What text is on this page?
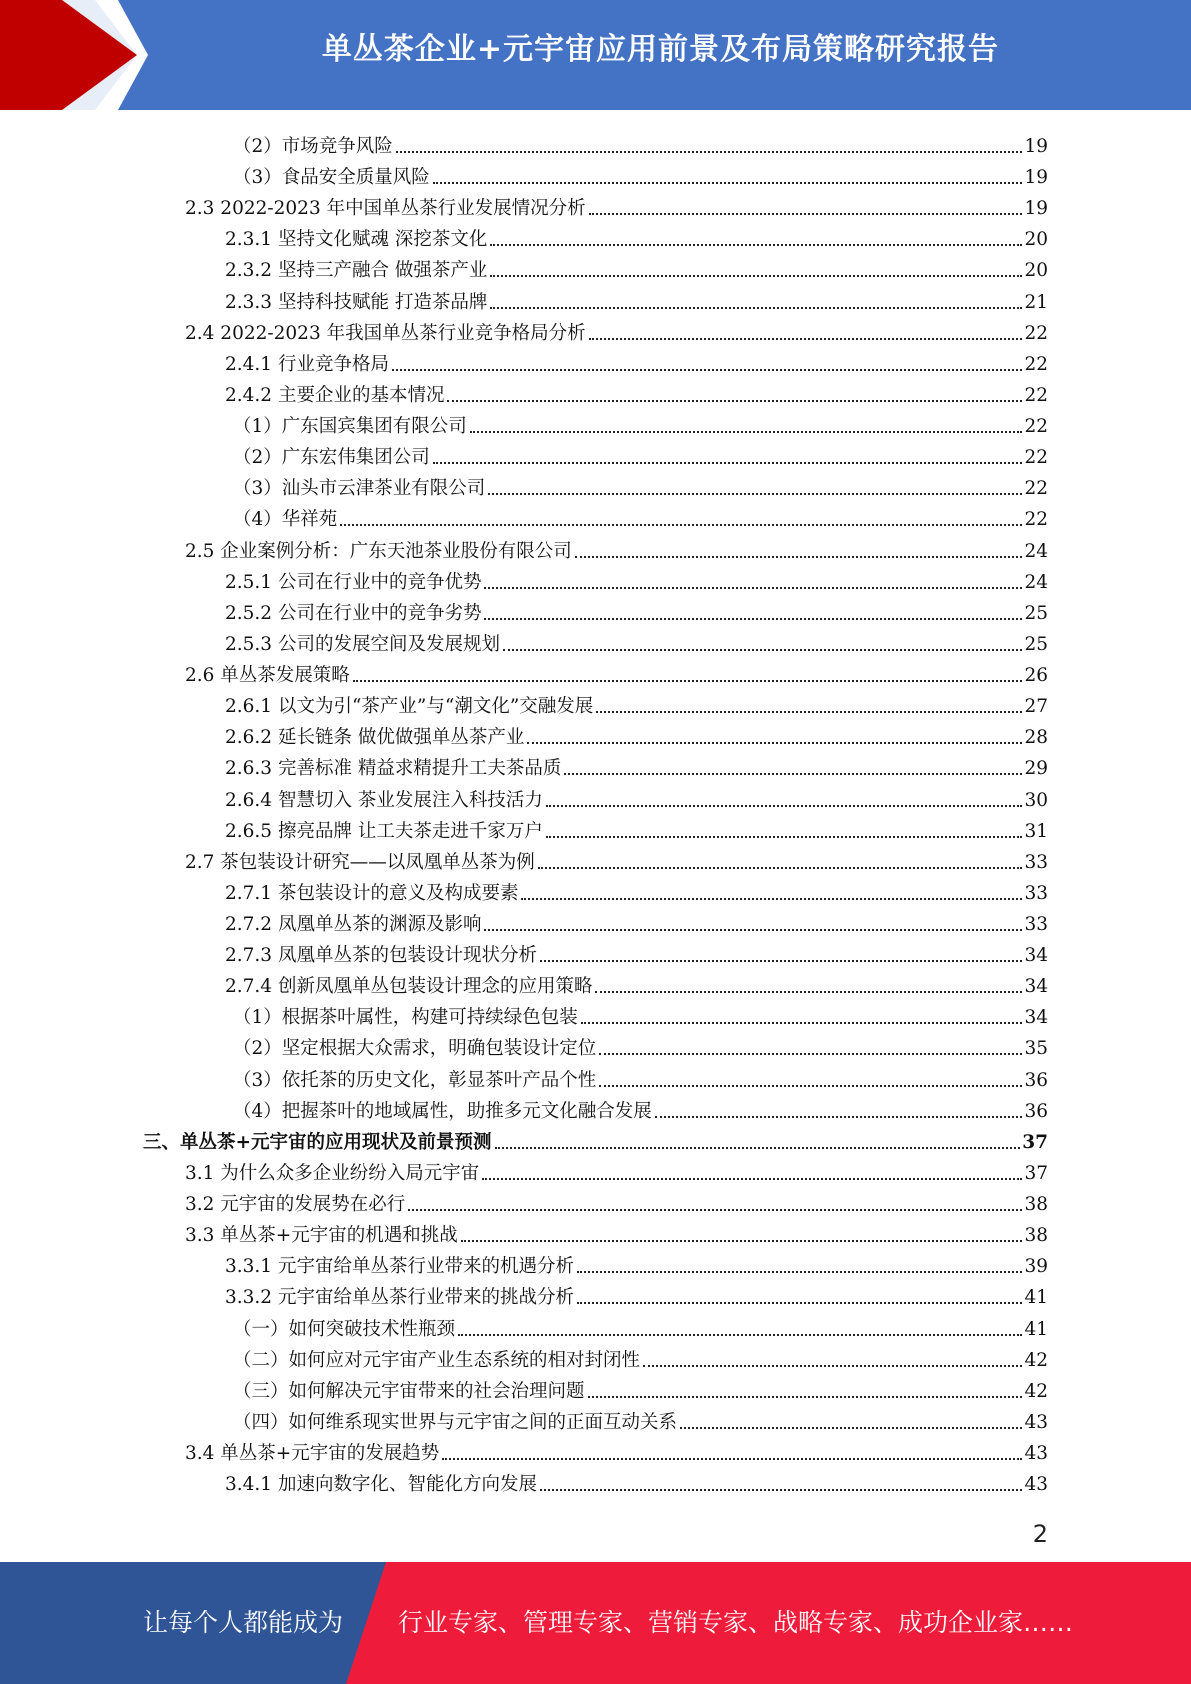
单丛茶企业+元宇宙应用前景及布局策略研究报告
（2）市场竞争风险	19
（3）食品安全质量风险	19
2.3 2022-2023 年中国单丛茶行业发展情况分析	19
2.3.1 坚持文化赋魂 深挖茶文化	20
2.3.2 坚持三产融合 做强茶产业	20
2.3.3 坚持科技赋能 打造茶品牌	21
2.4 2022-2023 年我国单丛茶行业竞争格局分析	22
2.4.1 行业竞争格局	22
2.4.2 主要企业的基本情况	22
（1）广东国宾集团有限公司	22
（2）广东宏伟集团公司	22
（3）汕头市云津茶业有限公司	22
（4）华祥苑	22
2.5 企业案例分析：广东天池茶业股份有限公司	24
2.5.1 公司在行业中的竞争优势	24
2.5.2 公司在行业中的竞争劣势	25
2.5.3 公司的发展空间及发展规划	25
2.6 单丛茶发展策略	26
2.6.1 以文为引“茶产业”与“潮文化”交融发展	27
2.6.2 延长链条 做优做强单丛茶产业	28
2.6.3 完善标准 精益求精提升工夫茶品质	29
2.6.4 智慧切入 茶业发展注入科技活力	30
2.6.5 擦亮品牌 让工夫茶走进千家万户	31
2.7 茶包装设计研究——以凤凰单丛茶为例	33
2.7.1 茶包装设计的意义及构成要素	33
2.7.2 凤凰单丛茶的渊源及影响	33
2.7.3 凤凰单丛茶的包装设计现状分析	34
2.7.4 创新凤凰单丛包装设计理念的应用策略	34
（1）根据茶叶属性，构建可持续绿色包装	34
（2）坚定根据大众需求，明确包装设计定位	35
（3）依托茶的历史文化，彰显茶叶产品个性	36
（4）把握茶叶的地域属性，助推多元文化融合发展	36
三、单丛茶+元宇宙的应用现状及前景预测	37
3.1 为什么众多企业纷纷入局元宇宙	37
3.2 元宇宙的发展势在必行	38
3.3 单丛茶+元宇宙的机遇和挑战	38
3.3.1 元宇宙给单丛茶行业带来的机遇分析	39
3.3.2 元宇宙给单丛茶行业带来的挑战分析	41
（一）如何突破技术性瓶颈	41
（二）如何应对元宇宙产业生态系统的相对封闭性	42
（三）如何解决元宇宙带来的社会治理问题	42
（四）如何维系现实世界与元宇宙之间的正面互动关系	43
3.4 单丛茶+元宇宙的发展趋势	43
3.4.1 加速向数字化、智能化方向发展	43
2
让每个人都能成为 行业专家、管理专家、营销专家、战略专家、成功企业家……
